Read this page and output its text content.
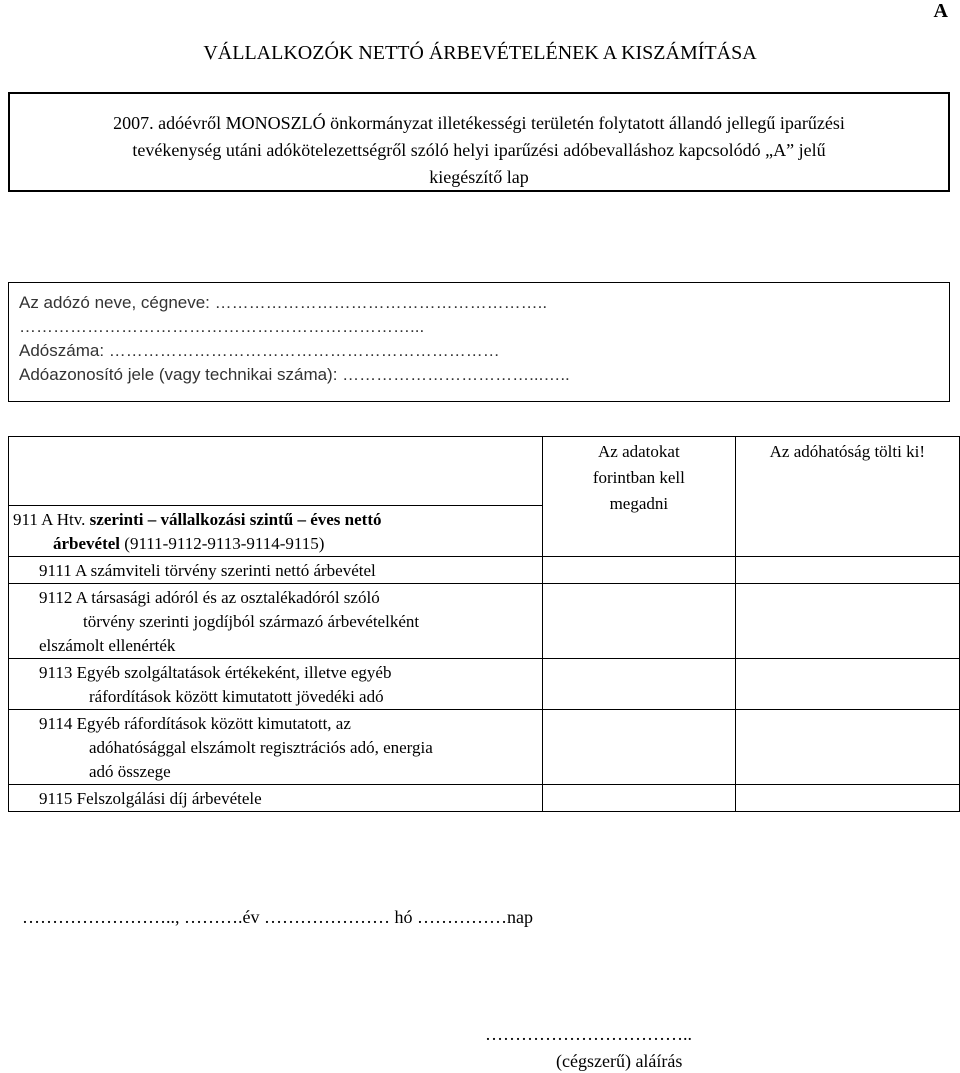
A
VÁLLALKOZÓK NETTÓ ÁRBEVÉTELÉNEK A KISZÁMÍTÁSA
2007. adóévről MONOSZLÓ önkormányzat illetékességi területén folytatott állandó jellegű iparűzési
tevékenység utáni adókötelezettségről szóló helyi iparűzési adóbevalláshoz kapcsolódó „A” jelű
kiegészítő lap
Az adózó neve, cégneve: …………………………………………………..
……………………………………………………………...
Adószáma: ……………………………………………………………
Adóazonosító jele (vagy technikai száma): ……………………………...…..

	Az adatokat forintban kell megadni	Az adóhatóság tölti ki!

911 A Htv. szerinti – vállalkozási szintű – éves nettó
árbevétel (9111-9112-9113-9114-9115)		

9111 A számviteli törvény szerinti nettó árbevétel		

9112 A társasági adóról és az osztalékadóról szóló
törvény szerinti jogdíjból származó árbevételként
elszámolt ellenérték		

9113 Egyéb szolgáltatások értékeként, illetve egyéb
ráfordítások között kimutatott jövedéki adó		

9114 Egyéb ráfordítások között kimutatott, az
adóhatósággal elszámolt regisztrációs adó, energia
adó összege		

9115 Felszolgálási díj árbevétele		
…………………….., ……….év ………………… hó ……………nap
……………………………..
(cégszerű) aláírás
